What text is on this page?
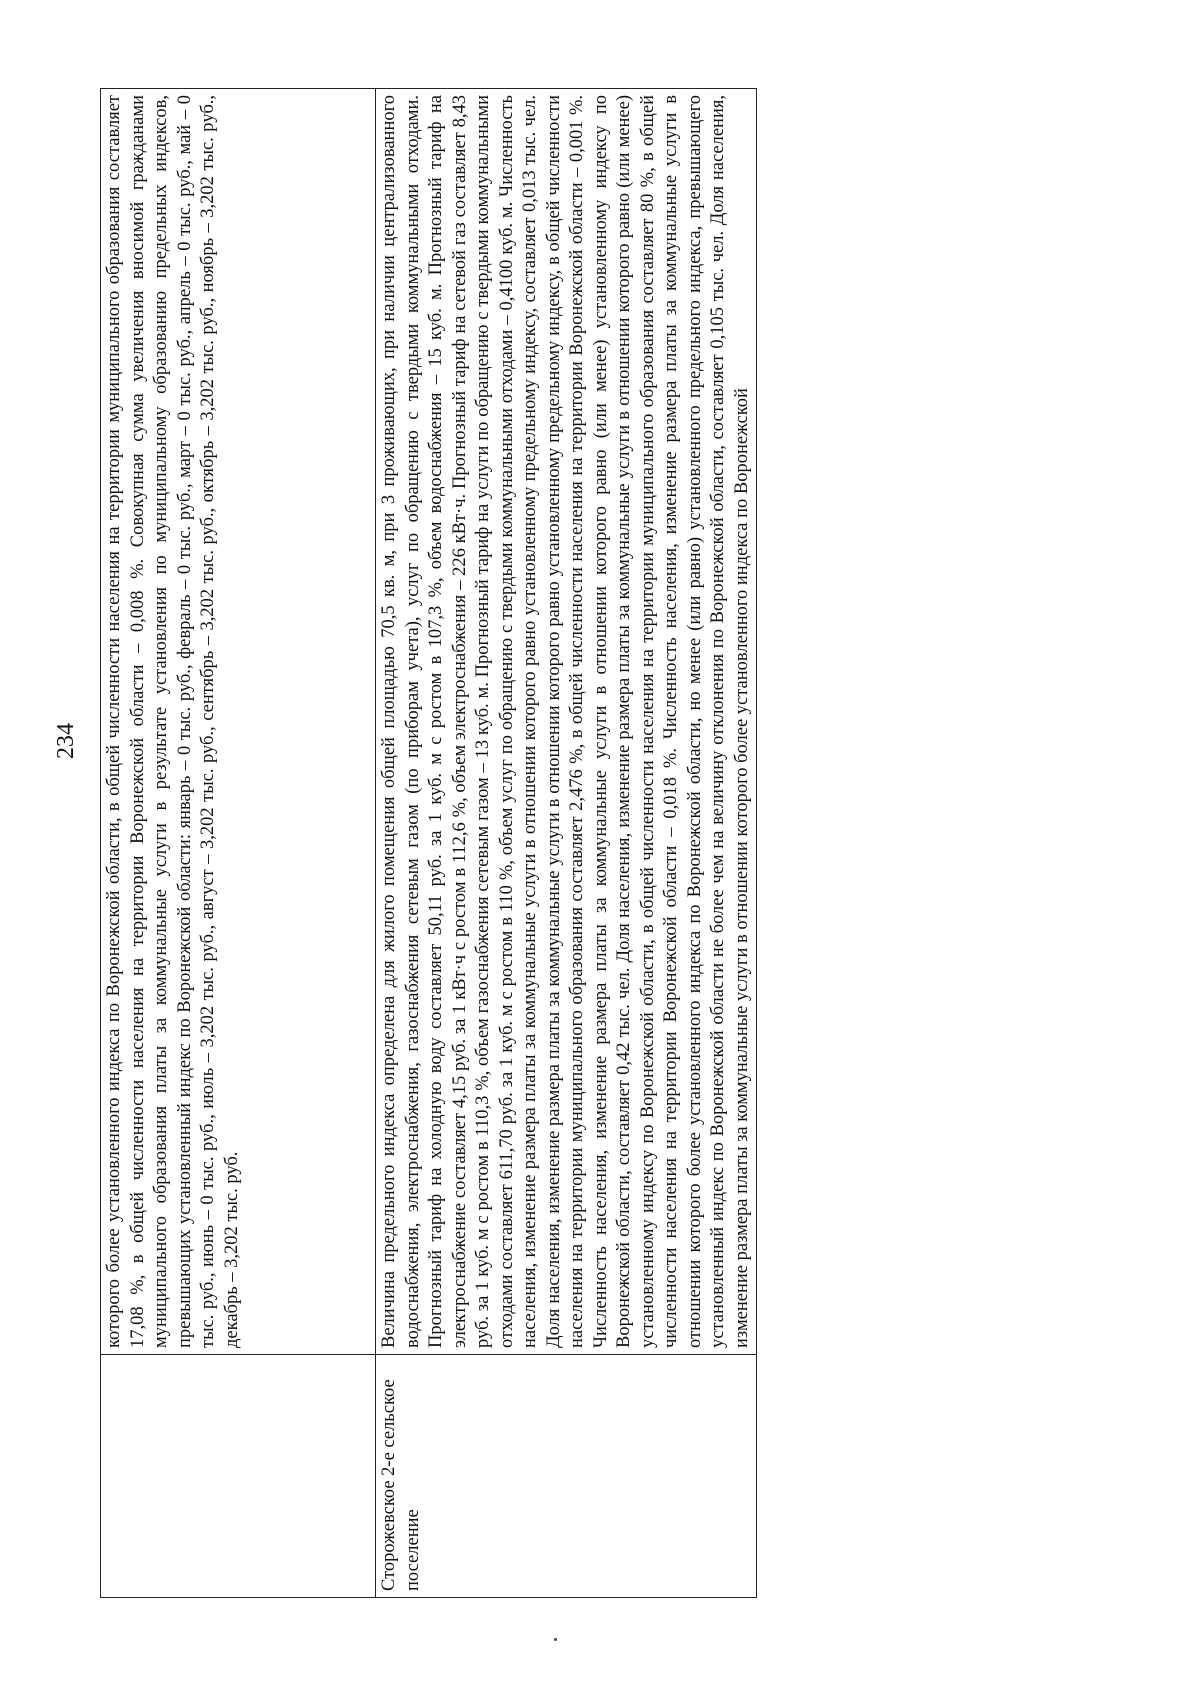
234
	которого более установленного индекса по Воронежской области, в общей численности населения на территории муниципального образования составляет 17,08 %, в общей численности населения на территории Воронежской области – 0,008 %. Совокупная сумма увеличения вносимой гражданами муниципального образования платы за коммунальные услуги в результате установления по муниципальному образованию предельных индексов, превышающих установленный индекс по Воронежской области: январь – 0 тыс. руб., февраль – 0 тыс. руб., март – 0 тыс. руб., апрель – 0 тыс. руб., май – 0 тыс. руб., июнь – 0 тыс. руб., июль – 3,202 тыс. руб., август – 3,202 тыс. руб., сентябрь – 3,202 тыс. руб., октябрь – 3,202 тыс. руб., ноябрь – 3,202 тыс. руб., декабрь – 3,202 тыс. руб.
Сторожевское 2-е сельское поселение	Величина предельного индекса определена для жилого помещения общей площадью 70,5 кв. м, при 3 проживающих, при наличии централизованного водоснабжения, электроснабжения, газоснабжения сетевым газом (по приборам учета), услуг по обращению с твердыми коммунальными отходами. Прогнозный тариф на холодную воду составляет 50,11 руб. за 1 куб. м с ростом в 107,3 %, объем водоснабжения – 15 куб. м. Прогнозный тариф на электроснабжение составляет 4,15 руб. за 1 кВт·ч с ростом в 112,6 %, объем электроснабжения – 226 кВт·ч. Прогнозный тариф на сетевой газ составляет 8,43 руб. за 1 куб. м с ростом в 110,3 %, объем газоснабжения сетевым газом – 13 куб. м. Прогнозный тариф на услуги по обращению с твердыми коммунальными отходами составляет 611,70 руб. за 1 куб. м с ростом в 110 %, объем услуг по обращению с твердыми коммунальными отходами – 0,4100 куб. м. Численность населения, изменение размера платы за коммунальные услуги в отношении которого равно установленному предельному индексу, составляет 0,013 тыс. чел. Доля населения, изменение размера платы за коммунальные услуги в отношении которого равно установленному предельному индексу, в общей численности населения на территории муниципального образования составляет 2,476 %, в общей численности населения на территории Воронежской области – 0,001 %. Численность населения, изменение размера платы за коммунальные услуги в отношении которого равно (или менее) установленному индексу по Воронежской области, составляет 0,42 тыс. чел. Доля населения, изменение размера платы за коммунальные услуги в отношении которого равно (или менее) установленному индексу по Воронежской области, в общей численности населения на территории муниципального образования составляет 80 %, в общей численности населения на территории Воронежской области – 0,018 %. Численность населения, изменение размера платы за коммунальные услуги в отношении которого более установленного индекса по Воронежской области, но менее (или равно) установленного предельного индекса, превышающего установленный индекс по Воронежской области не более чем на величину отклонения по Воронежской области, составляет 0,105 тыс. чел. Доля населения, изменение размера платы за коммунальные услуги в отношении которого более установленного индекса по Воронежской
